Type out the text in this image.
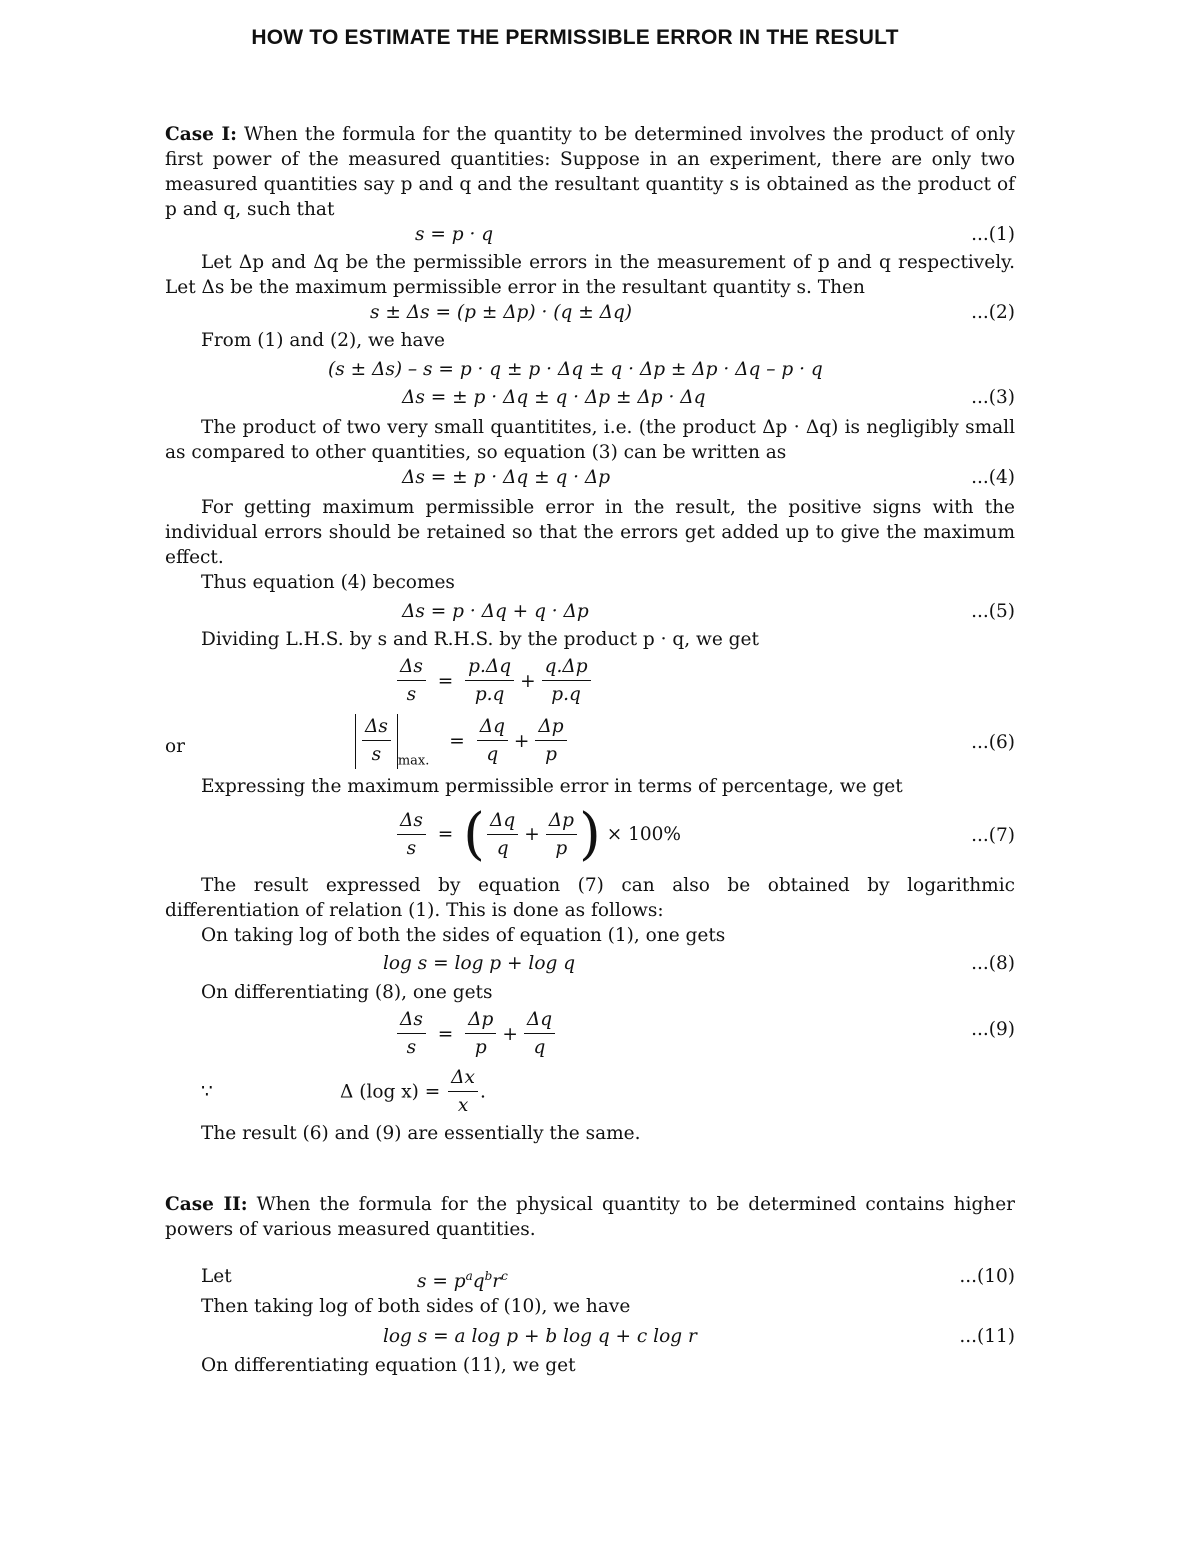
HOW TO ESTIMATE THE PERMISSIBLE ERROR IN THE RESULT
Case I: When the formula for the quantity to be determined involves the product of only first power of the measured quantities: Suppose in an experiment, there are only two measured quantities say p and q and the resultant quantity s is obtained as the product of p and q, such that
s = p · q	...(1)
Let Δp and Δq be the permissible errors in the measurement of p and q respectively. Let Δs be the maximum permissible error in the resultant quantity s. Then
s ± Δs = (p ± Δp) · (q ± Δq)	...(2)
From (1) and (2), we have
(s ± Δs) – s = p · q ± p · Δq ± q · Δp ± Δp · Δq – p · q
Δs = ± p · Δq ± q · Δp ± Δp · Δq	...(3)
The product of two very small quantitites, i.e. (the product Δp · Δq) is negligibly small as compared to other quantities, so equation (3) can be written as
Δs = ± p · Δq ± q · Δp	...(4)
For getting maximum permissible error in the result, the positive signs with the individual errors should be retained so that the errors get added up to give the maximum effect.
Thus equation (4) becomes
Δs = p · Δq + q · Δp	...(5)
Dividing L.H.S. by s and R.H.S. by the product p · q, we get
$\frac{\Delta s}{s} = \frac{p.\Delta q}{p.q} + \frac{q.\Delta p}{p.q}$
or	$\frac{\Delta s}{s} _{max.} = \frac{\Delta q}{q} + \frac{\Delta p}{p}$	...(6)
Expressing the maximum permissible error in terms of percentage, we get
$\frac{\Delta s}{s}$ = ( $\frac{\Delta q}{q} + \frac{\Delta p}{p}$ ) × 100%	...(7)
The result expressed by equation (7) can also be obtained by logarithmic differentiation of relation (1). This is done as follows:
On taking log of both the sides of equation (1), one gets
log s = log p + log q	...(8)
On differentiating (8), one gets
$\frac{\Delta s}{s} = \frac{\Delta p}{p} + \frac{\Delta q}{q}$	...(9)
∵	Δ (log $x) = \frac{\Delta x}{x}$ .
The result (6) and (9) are essentially the same.
Case II: When the formula for the physical quantity to be determined contains higher powers of various measured quantities.
Let	$s = p^aq^br^c$	...(10)
Then taking log of both sides of (10), we have
log s = a log p + b log q + c log r	...(11)
On differentiating equation (11), we get
